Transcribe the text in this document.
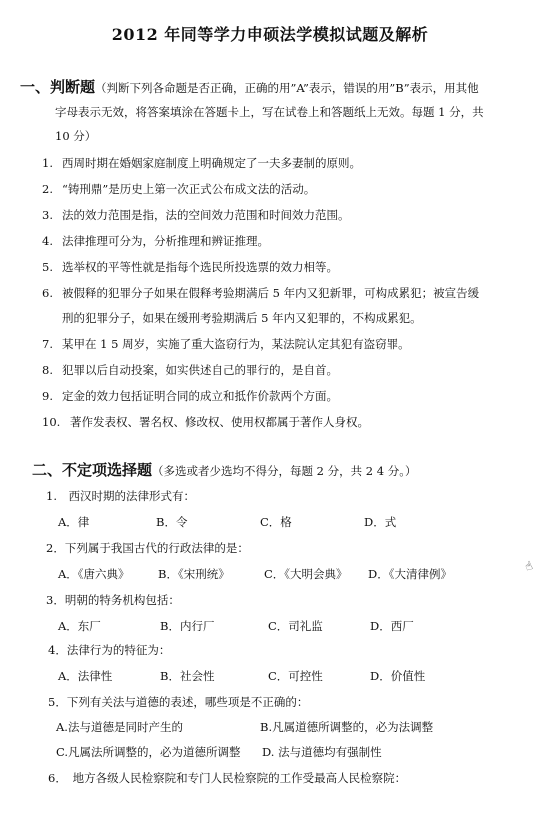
2012 年同等学力申硕法学模拟试题及解析
一、判断题（判断下列各命题是否正确，正确的用”A”表示，错误的用”B”表示，用其他
字母表示无效，将答案填涂在答题卡上，写在试卷上和答题纸上无效。每题 1 分，共
10 分）
1. 西周时期在婚姻家庭制度上明确规定了一夫多妻制的原则。
2. “铸刑鼎”是历史上第一次正式公布成文法的活动。
3. 法的效力范围是指，法的空间效力范围和时间效力范围。
4. 法律推理可分为，分析推理和辨证推理。
5. 选举权的平等性就是指每个选民所投选票的效力相等。
6. 被假释的犯罪分子如果在假释考验期满后 5 年内又犯新罪，可构成累犯；被宣告缓
刑的犯罪分子，如果在缓刑考验期满后 5 年内又犯罪的，不构成累犯。
7. 某甲在 1 5 周岁，实施了重大盗窃行为，某法院认定其犯有盗窃罪。
8. 犯罪以后自动投案，如实供述自己的罪行的，是自首。
9. 定金的效力包括证明合同的成立和抵作价款两个方面。
10. 著作发表权、署名权、修改权、使用权都属于著作人身权。
二、不定项选择题（多选或者少选均不得分，每题 2 分，共 2 4 分。）
1.　西汉时期的法律形式有：
A．律	B．令	C．格	D．式
2．下列属于我国古代的行政法律的是：
A．《唐六典》 B．《宋刑统》	C．《大明会典》 D．《大清律例》
3．明朝的特务机构包括：
A．东厂	B．内行厂	C．司礼监	D．西厂
4．法律行为的特征为：
A．法律性	B．社会性	C．可控性	D．价值性
5．下列有关法与道德的表述，哪些项是不正确的：
A.法与道德是同时产生的	B.凡属道德所调整的，必为法调整
C.凡属法所调整的，必为道德所调整 D. 法与道德均有强制性
6．　地方各级人民检察院和专门人民检察院的工作受最高人民检察院：
☝
